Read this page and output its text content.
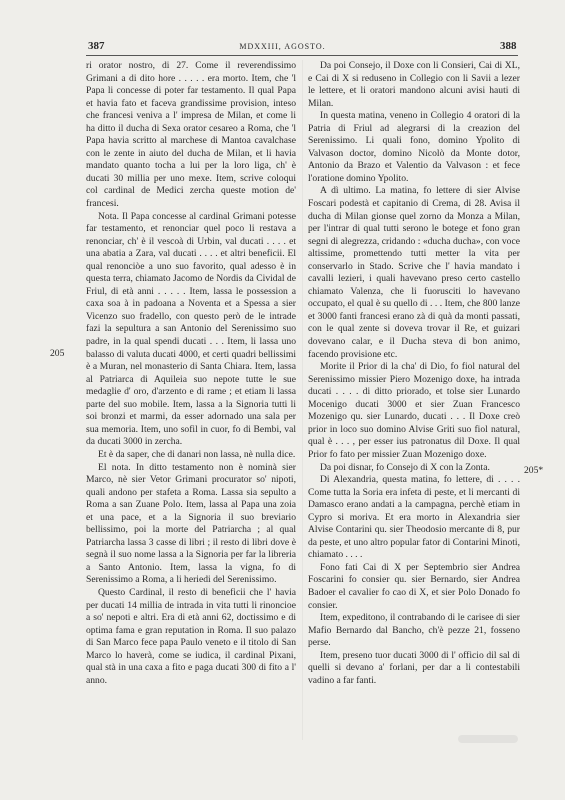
387	MDXXIII, AGOSTO.	388
205
205*

ri orator nostro, di 27. Come il reverendissimo Grimani a di dito hore . . . . . era morto. Item, che 'l Papa li concesse di poter far testamento. Il qual Papa et havia fato et faceva grandissime provision, inteso che francesi veniva a l' impresa de Milan, et come li ha ditto il ducha di Sexa orator cesareo a Roma, che 'l Papa havia scritto al marchese di Mantoa cavalchase con le zente in aiuto del ducha de Milan, et li havia mandato quanto tocha a lui per la loro liga, ch' è ducati 30 millia per uno mexe. Item, scrive coloqui col cardinal de Medici zercha queste motion de' francesi.

Nota. Il Papa concesse al cardinal Grimani potesse far testamento, et renonciar quel poco li restava a renonciar, ch' è il vescoà di Urbin, val ducati . . . . et una abatia a Zara, val ducati . . . . et altri beneficii. El qual renonciòe a uno suo favorito, qual adesso è in questa terra, chiamato Jacomo de Nordis da Cividal de Friul, di età anni . . . . . Item, lassa le possession a caxa soa à in padoana a Noventa et a Spessa a sier Vicenzo suo fradello, con questo però de le intrade fazi la sepultura a san Antonio del Serenissimo suo padre, in la qual spendi ducati . . . Item, li lassa uno balasso di valuta ducati 4000, et certi quadri bellissimi è a Muran, nel monasterio di Santa Chiara. Item, lassa al Patriarca di Aquileia suo nepote tutte le sue medaglie d' oro, d'arzento e di rame ; et etiam li lassa parte del suo mobile. Item, lassa a la Signoria tutti li soi bronzi et marmi, da esser adornado una sala per sua memoria. Item, uno sofil in cuor, fo di Bembi, val da ducati 3000 in zercha.

Et è da saper, che di danari non lassa, nè nulla dice.

El nota. In ditto testamento non è nominà sier Marco, nè sier Vetor Grimani procurator so' nipoti, quali andono per stafeta a Roma. Lassa sia sepulto a Roma a san Zuane Polo. Item, lassa al Papa una zoia et una pace, et a la Signoria il suo breviario bellissimo, poi la morte del Patriarcha ; al qual Patriarcha lassa 3 casse di libri ; il resto di libri dove è segnà il suo nome lassa a la Signoria per far la libreria a Santo Antonio. Item, lassa la vigna, fo di Serenissimo a Roma, a li heriedi del Serenissimo.

Questo Cardinal, il resto di beneficii che l' havia per ducati 14 millia de intrada in vita tutti li rinoncioe a so' nepoti e altri. Era di età anni 62, doctissimo e di optima fama e gran reputation in Roma. Il suo palazo di San Marco fece papa Paulo veneto e il titolo di San Marco lo haverà, come se iudica, il cardinal Pixani, qual stà in una caxa a fito e paga ducati 300 di fito a l' anno.

Da poi Consejo, il Doxe con li Consieri, Cai di XL, e Cai di X si reduseno in Collegio con li Savii a lezer le lettere, et li oratori mandono alcuni avisi hauti di Milan.

In questa matina, veneno in Collegio 4 oratori di la Patria di Friul ad alegrarsi di la creazion del Serenissimo. Li quali fono, domino Ypolito di Valvason doctor, domino Nicolò da Monte dotor, Antonio da Brazo et Valentio da Valvason : et fece l'oratione domino Ypolito.

A dì ultimo. La matina, fo lettere di sier Alvise Foscari podestà et capitanio di Crema, di 28. Avisa il ducha di Milan gionse quel zorno da Monza a Milan, per l'intrar di qual tutti serono le botege et fono gran segni di alegrezza, cridando : «ducha ducha», con voce altissime, promettendo tutti metter la vita per conservarlo in Stado. Scrive che l' havia mandato i cavalli lezieri, i quali havevano preso certo castello chiamato Valenza, che li fuorusciti lo havevano occupato, el qual è su quello di . . . Item, che 800 lanze et 3000 fanti francesi erano zà di quà da monti passati, con le qual zente si doveva trovar il Re, et guizari dovevano calar, e il Ducha steva di bon animo, facendo provisione etc.

Morite il Prior di la cha' di Dio, fo fiol natural del Serenissimo missier Piero Mozenigo doxe, ha intrada ducati . . . . di ditto priorado, et tolse sier Lunardo Mocenigo ducati 3000 et sier Zuan Francesco Mozenigo qu. sier Lunardo, ducati . . . Il Doxe creò prior in loco suo domino Alvise Griti suo fiol natural, qual è . . . , per esser ius patronatus dil Doxe. Il qual Prior fo fato per missier Zuan Mozenigo doxe.

Da poi disnar, fo Consejo di X con la Zonta.

Di Alexandria, questa matina, fo lettere, di . . . . Come tutta la Soria era infeta di peste, et li mercanti di Damasco erano andati a la campagna, perchè etiam in Cypro si moriva. Et era morto in Alexandria sier Alvise Contarini qu. sier Theodosio mercante di 8, pur da peste, et uno altro popular fator di Contarini Minoti, chiamato . . . .

Fono fati Cai di X per Septembrio sier Andrea Foscarini fo consier qu. sier Bernardo, sier Andrea Badoer el cavalier fo cao di X, et sier Polo Donado fo consier.

Item, expeditono, il contrabando di le carisee di sier Mafio Bernardo dal Bancho, ch'è pezze 21, fosseno perse.

Item, preseno tuor ducati 3000 di l' officio dil sal di quelli si devano a' forlani, per dar a li contestabili vadino a far fanti.
